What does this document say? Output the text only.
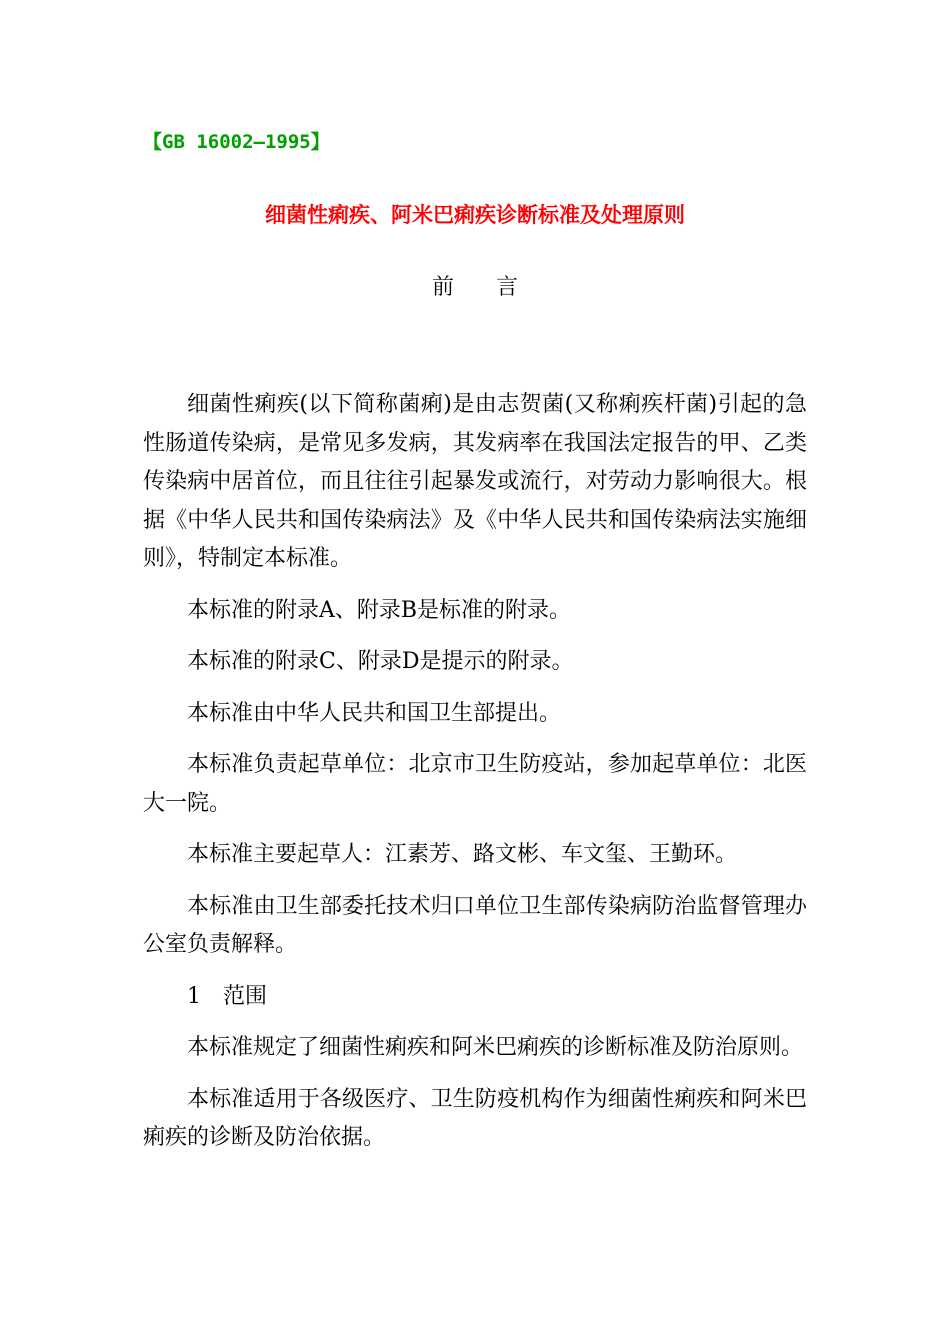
【GB 16002—1995】
细菌性痢疾、阿米巴痢疾诊断标准及处理原则
前言

细菌性痢疾(以下简称菌痢)是由志贺菌(又称痢疾杆菌)引起的急性肠道传染病，是常见多发病，其发病率在我国法定报告的甲、乙类传染病中居首位，而且往往引起暴发或流行，对劳动力影响很大。根据《中华人民共和国传染病法》及《中华人民共和国传染病法实施细则》，特制定本标准。

本标准的附录A、附录B是标准的附录。

本标准的附录C、附录D是提示的附录。

本标准由中华人民共和国卫生部提出。

本标准负责起草单位：北京市卫生防疫站，参加起草单位：北医大一院。

本标准主要起草人：江素芳、路文彬、车文玺、王勤环。

本标准由卫生部委托技术归口单位卫生部传染病防治监督管理办公室负责解释。

1　范围

本标准规定了细菌性痢疾和阿米巴痢疾的诊断标准及防治原则。

本标准适用于各级医疗、卫生防疫机构作为细菌性痢疾和阿米巴痢疾的诊断及防治依据。
